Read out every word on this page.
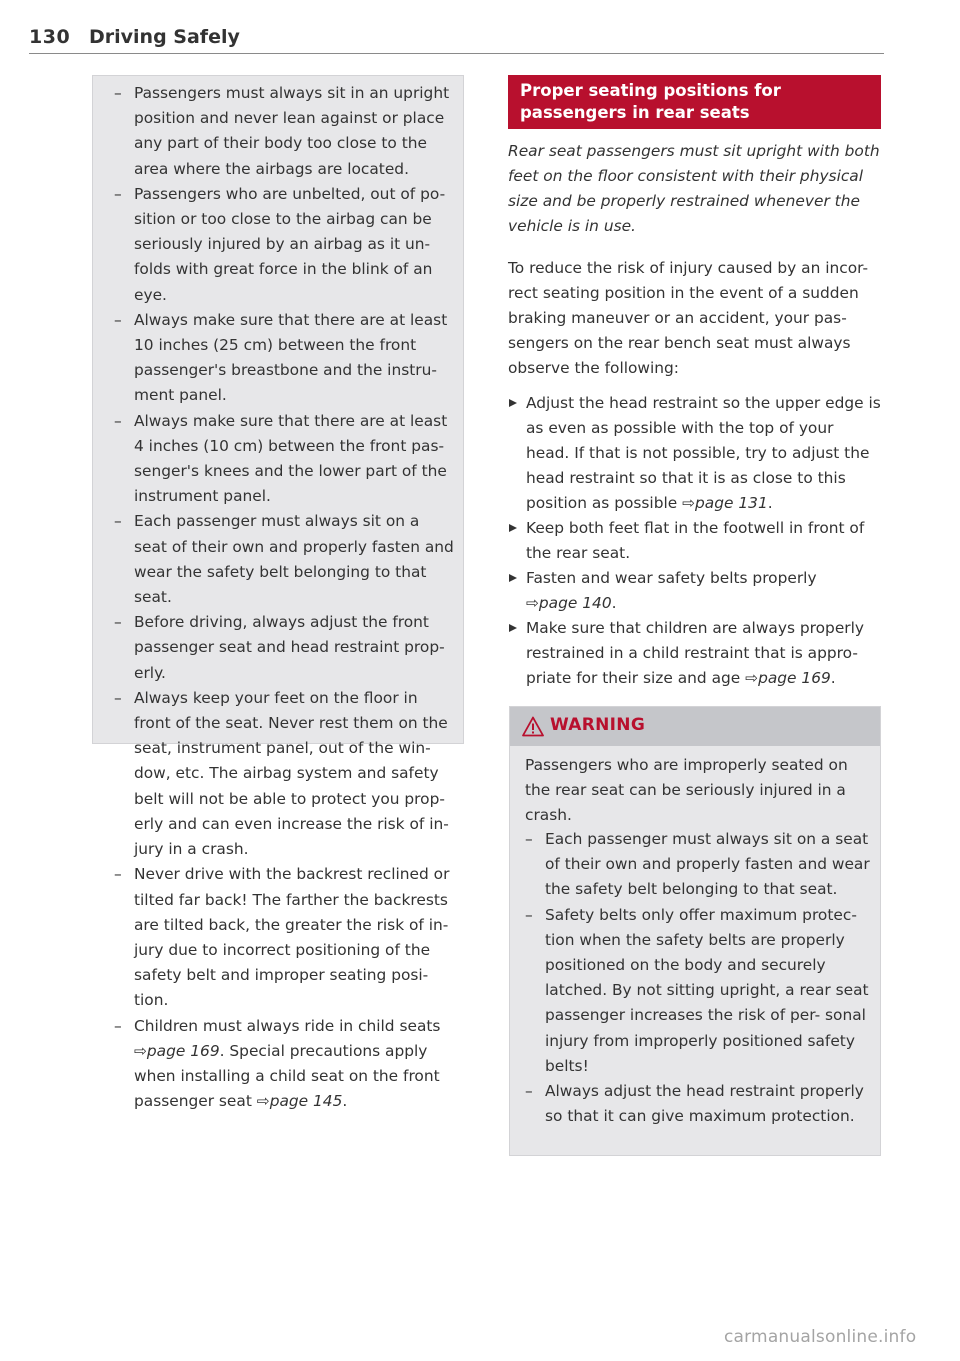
130 Driving Safely
– Passengers must always sit in an upright position and never lean against or place any part of their body too close to the area where the airbags are located.
– Passengers who are unbelted, out of po- sition or too close to the airbag can be seriously injured by an airbag as it un- folds with great force in the blink of an eye.
– Always make sure that there are at least 10 inches (25 cm) between the front passenger's breastbone and the instru- ment panel.
– Always make sure that there are at least 4 inches (10 cm) between the front pas- senger's knees and the lower part of the instrument panel.
– Each passenger must always sit on a seat of their own and properly fasten and wear the safety belt belonging to that seat.
– Before driving, always adjust the front passenger seat and head restraint prop- erly.
– Always keep your feet on the floor in front of the seat. Never rest them on the seat, instrument panel, out of the win- dow, etc. The airbag system and safety belt will not be able to protect you prop- erly and can even increase the risk of in- jury in a crash.
– Never drive with the backrest reclined or tilted far back! The farther the backrests are tilted back, the greater the risk of in- jury due to incorrect positioning of the safety belt and improper seating posi- tion.
– Children must always ride in child seats
⇨page 169. Special precautions apply when installing a child seat on the front passenger seat ⇨page 145.
Proper seating positions for passengers in rear seats

Rear seat passengers must sit upright with both feet on the floor consistent with their physical size and be properly restrained whenever the vehicle is in use.

To reduce the risk of injury caused by an incor- rect seating position in the event of a sudden braking maneuver or an accident, your pas- sengers on the rear bench seat must always observe the following:

Adjust the head restraint so the upper edge is as even as possible with the top of your head. If that is not possible, try to adjust the head restraint so that it is as close to this position as possible ⇨page 131.
Keep both feet flat in the footwell in front of the rear seat.
Fasten and wear safety belts properly
⇨page 140.
Make sure that children are always properly restrained in a child restraint that is appro- priate for their size and age ⇨page 169.
WARNING

Passengers who are improperly seated on the rear seat can be seriously injured in a crash.

– Each passenger must always sit on a seat of their own and properly fasten and wear the safety belt belonging to that seat.
– Safety belts only offer maximum protec- tion when the safety belts are properly positioned on the body and securely latched. By not sitting upright, a rear seat passenger increases the risk of per- sonal injury from improperly positioned safety belts!
– Always adjust the head restraint properly so that it can give maximum protection.
carmanualsonline.info
